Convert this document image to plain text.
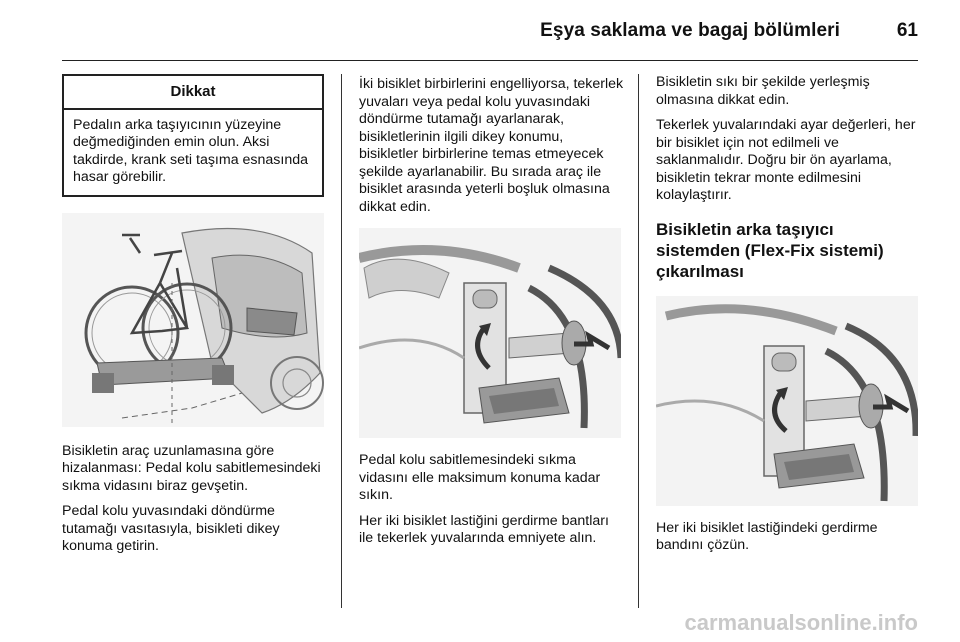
Eşya saklama ve bagaj bölümleri	61
Dikkat
Pedalın arka taşıyıcının yüzeyine değmediğinden emin olun. Aksi takdirde, krank seti taşıma esnasında hasar görebilir.

Bisikletin araç uzunlamasına göre hizalanması: Pedal kolu sabitlemesindeki sıkma vidasını biraz gevşetin.

Pedal kolu yuvasındaki döndürme tutamağı vasıtasıyla, bisikleti dikey konuma getirin.

İki bisiklet birbirlerini engelliyorsa, tekerlek yuvaları veya pedal kolu yuvasındaki döndürme tutamağı ayarlanarak, bisikletlerinin ilgili dikey konumu, bisikletler birbirlerine temas etmeyecek şekilde ayarlanabilir. Bu sırada araç ile bisiklet arasında yeterli boşluk olmasına dikkat edin.

Pedal kolu sabitlemesindeki sıkma vidasını elle maksimum konuma kadar sıkın.

Her iki bisiklet lastiğini gerdirme bantları ile tekerlek yuvalarında emniyete alın.

Bisikletin sıkı bir şekilde yerleşmiş olmasına dikkat edin.

Tekerlek yuvalarındaki ayar değerleri, her bir bisiklet için not edilmeli ve saklanmalıdır. Doğru bir ön ayarlama, bisikletin tekrar monte edilmesini kolaylaştırır.

Bisikletin arka taşıyıcı sistemden (Flex-Fix sistemi) çıkarılması

Her iki bisiklet lastiğindeki gerdirme bandını çözün.

carmanualsonline.info
